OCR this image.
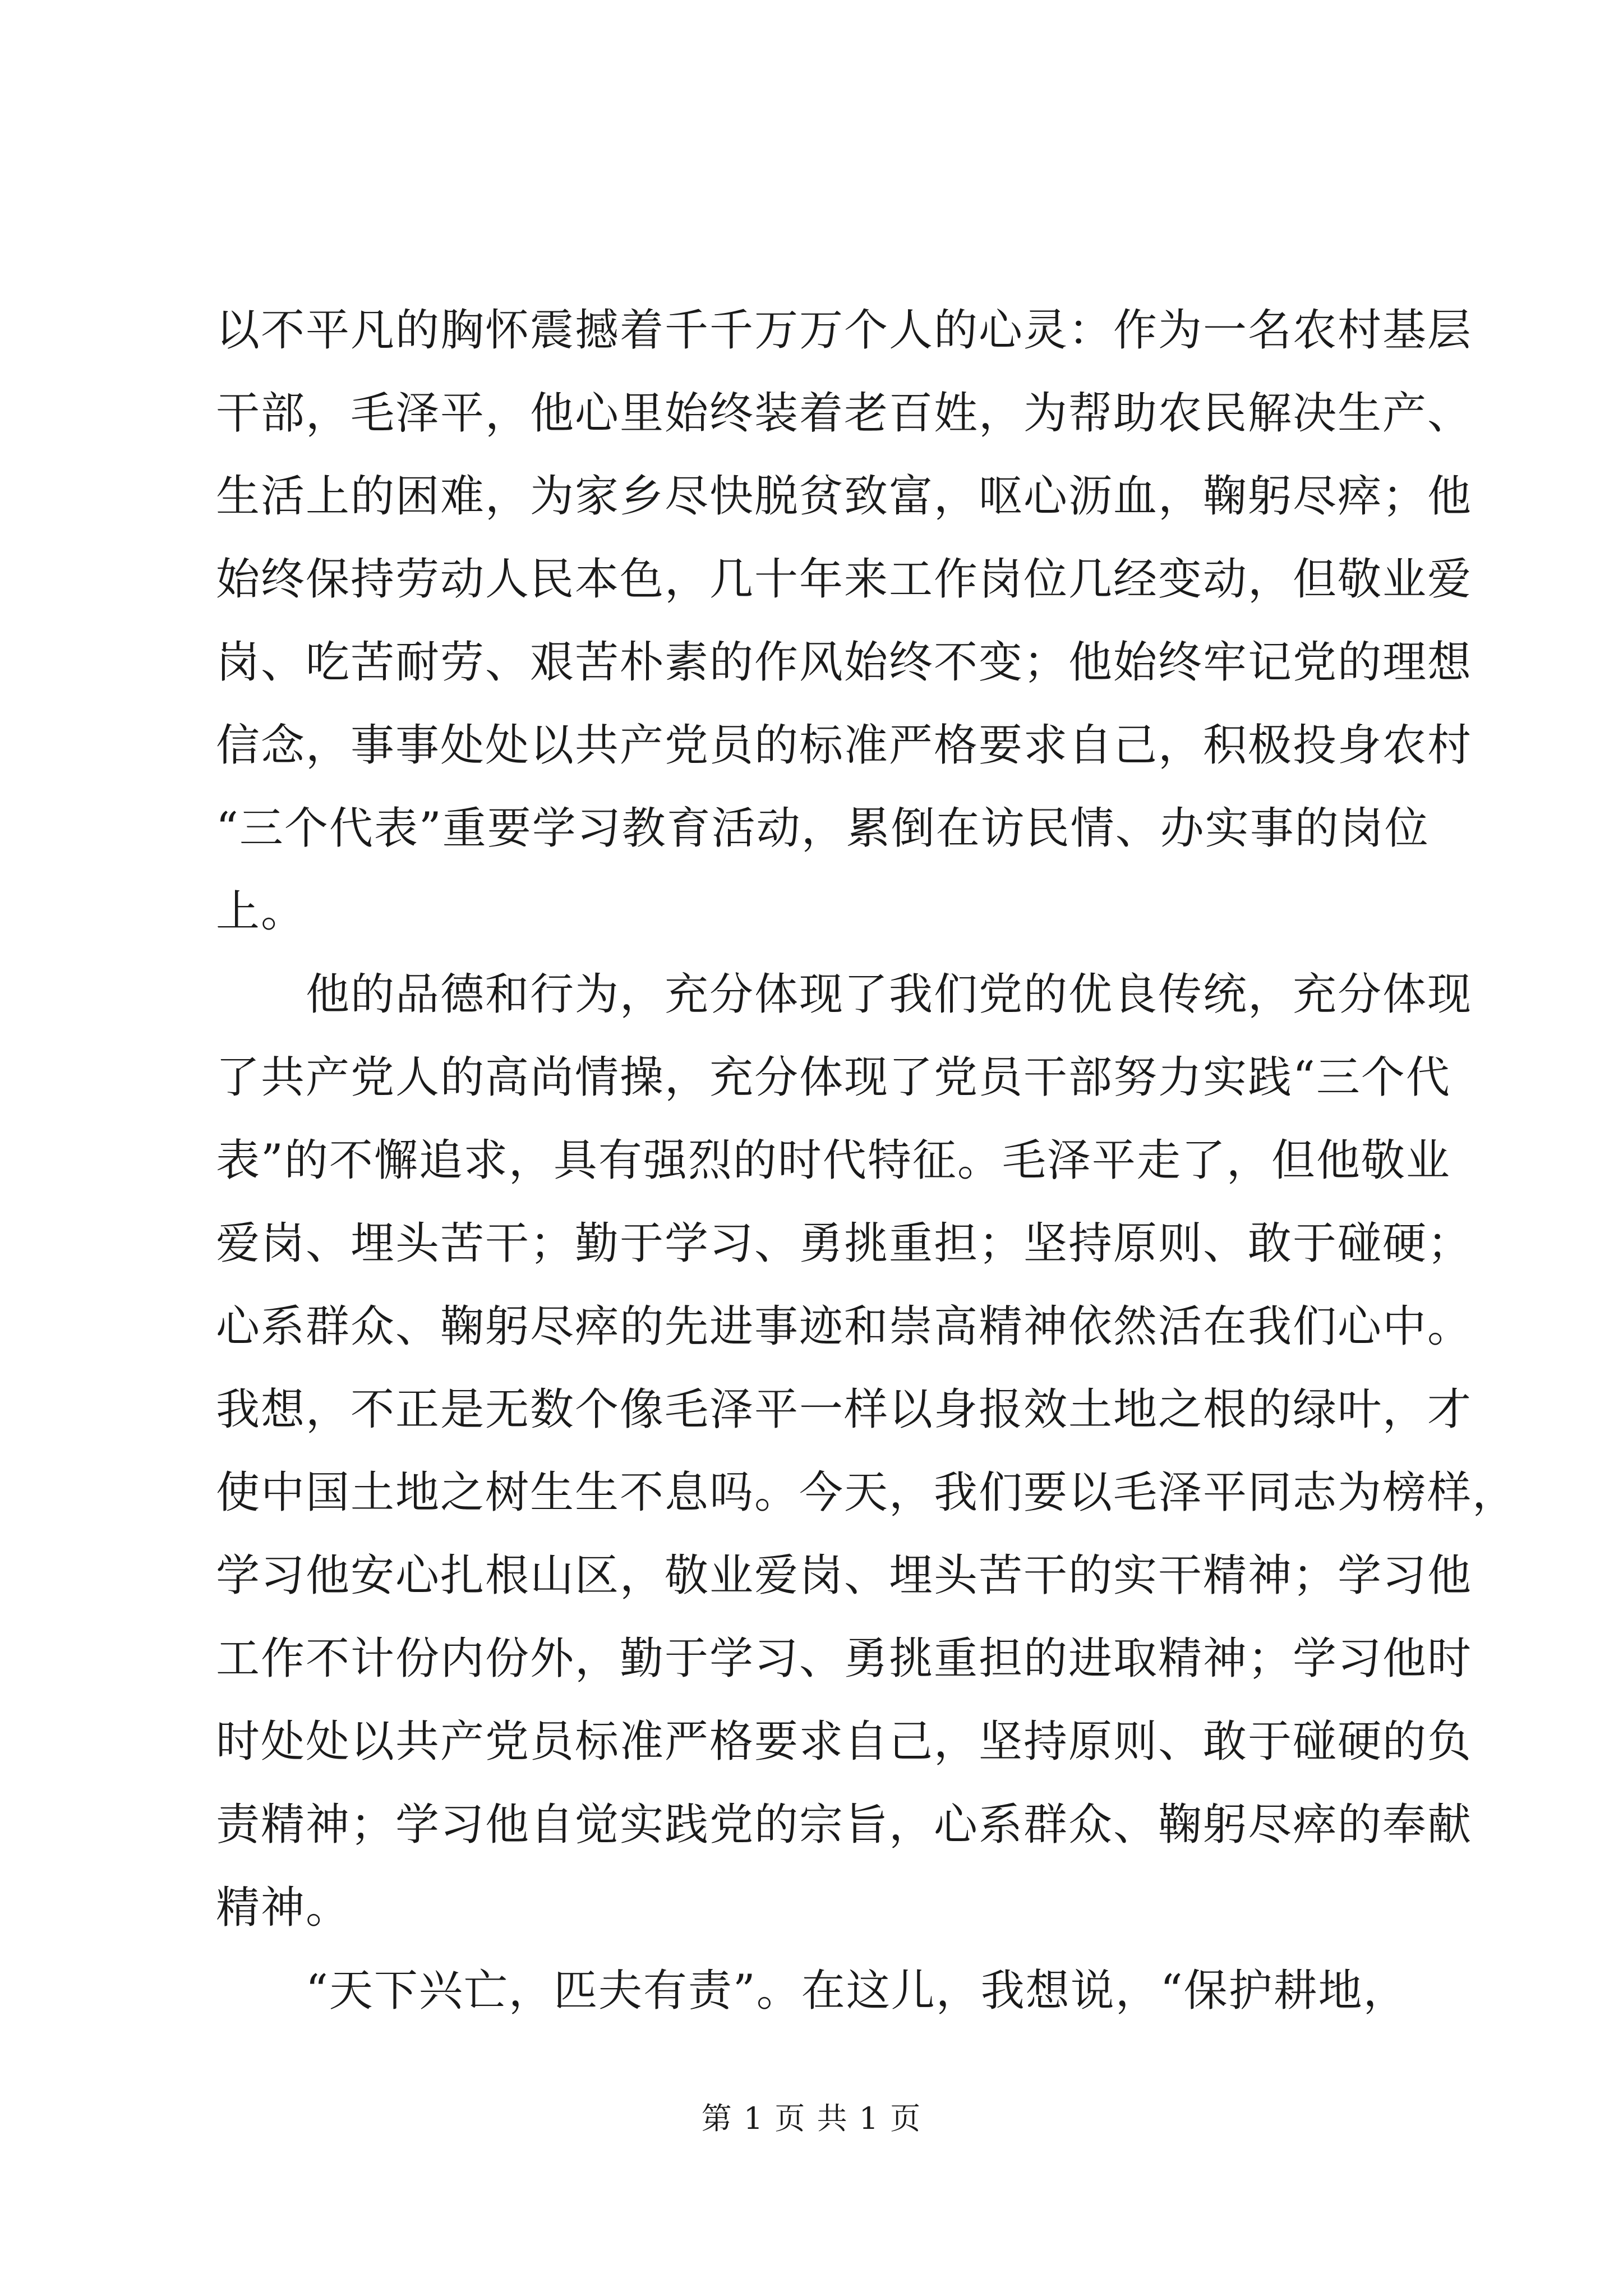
以不平凡的胸怀震撼着千千万万个人的心灵：作为一名农村基层
干部，毛泽平，他心里始终装着老百姓，为帮助农民解决生产、
生活上的困难，为家乡尽快脱贫致富，呕心沥血，鞠躬尽瘁；他
始终保持劳动人民本色，几十年来工作岗位几经变动，但敬业爱
岗、吃苦耐劳、艰苦朴素的作风始终不变；他始终牢记党的理想
信念，事事处处以共产党员的标准严格要求自己，积极投身农村
“三个代表”重要学习教育活动，累倒在访民情、办实事的岗位
上。
他的品德和行为，充分体现了我们党的优良传统，充分体现
了共产党人的高尚情操，充分体现了党员干部努力实践“三个代
表”的不懈追求，具有强烈的时代特征。毛泽平走了，但他敬业
爱岗、埋头苦干；勤于学习、勇挑重担；坚持原则、敢于碰硬；
心系群众、鞠躬尽瘁的先进事迹和崇高精神依然活在我们心中。
我想，不正是无数个像毛泽平一样以身报效土地之根的绿叶，才
使中国土地之树生生不息吗。今天，我们要以毛泽平同志为榜样，
学习他安心扎根山区，敬业爱岗、埋头苦干的实干精神；学习他
工作不计份内份外，勤于学习、勇挑重担的进取精神；学习他时
时处处以共产党员标准严格要求自己，坚持原则、敢于碰硬的负
责精神；学习他自觉实践党的宗旨，心系群众、鞠躬尽瘁的奉献
精神。
“天下兴亡，匹夫有责”。在这儿，我想说，“保护耕地，
第 1 页 共 1 页
